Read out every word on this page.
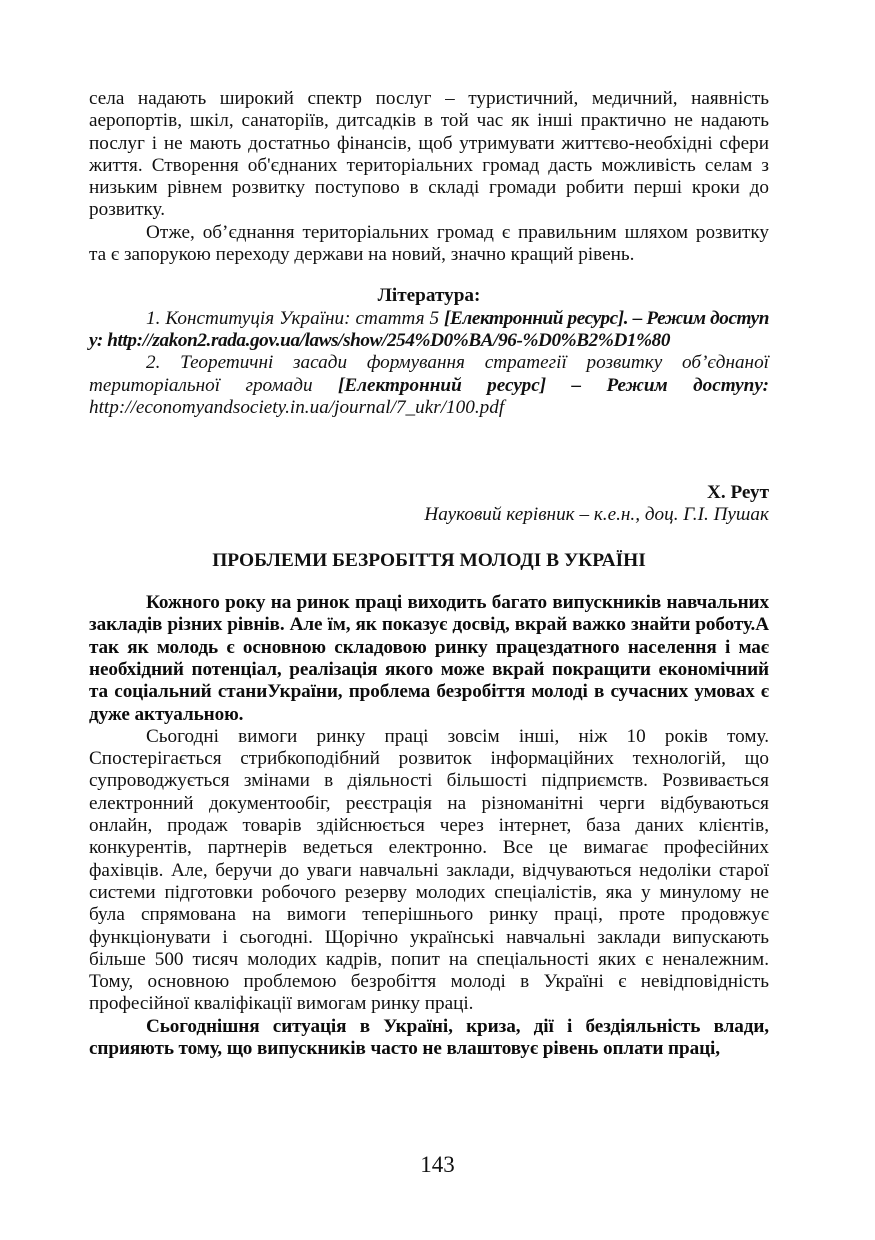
села надають широкий спектр послуг – туристичний, медичний, наявність аеропортів, шкіл, санаторіїв, дитсадків в той час як інші практично не надають послуг і не мають достатньо фінансів, щоб утримувати життєво-необхідні сфери життя. Створення об'єднаних територіальних громад дасть можливість селам з низьким рівнем розвитку поступово в складі громади робити перші кроки до розвитку.

Отже, об’єднання територіальних громад є правильним шляхом розвитку та є запорукою переходу держави на новий, значно кращий рівень.

Література:

1. Конституція України: стаття 5 [Електронний ресурс]. – Режим доступу: http://zakon2.rada.gov.ua/laws/show/254%D0%BA/96-%D0%B2%D1%80

2. Теоретичні засади формування стратегії розвитку об’єднаної територіальної громади [Електронний ресурс] – Режим доступу: http://economyandsociety.in.ua/journal/7_ukr/100.pdf

Х. Реут

Науковий керівник – к.е.н., доц. Г.І. Пушак

ПРОБЛЕМИ БЕЗРОБІТТЯ МОЛОДІ В УКРАЇНІ

Кожного року на ринок праці виходить багато випускників навчальних закладів різних рівнів. Але їм, як показує досвід, вкрай важко знайти роботу.А так як молодь є основною складовою ринку працездатного населення і має необхідний потенціал, реалізація якого може вкрай покращити економічний та соціальний станиУкраїни, проблема безробіття молоді в сучасних умовах є дуже актуальною.

Сьогодні вимоги ринку праці зовсім інші, ніж 10 років тому. Спостерігається стрибкоподібний розвиток інформаційних технологій, що супроводжується змінами в діяльності більшості підприємств. Розвивається електронний документообіг, реєстрація на різноманітні черги відбуваються онлайн, продаж товарів здійснюється через інтернет, база даних клієнтів, конкурентів, партнерів ведеться електронно. Все це вимагає професійних фахівців. Але, беручи до уваги навчальні заклади, відчуваються недоліки старої системи підготовки робочого резерву молодих спеціалістів, яка у минулому не була спрямована на вимоги теперішнього ринку праці, проте продовжує функціонувати і сьогодні. Щорічно українські навчальні заклади випускають більше 500 тисяч молодих кадрів, попит на спеціальності яких є неналежним. Тому, основною проблемою безробіття молоді в Україні є невідповідність професійної кваліфікації вимогам ринку праці.

Сьогоднішня ситуація в Україні, криза, дії і бездіяльність влади, сприяють тому, що випускників часто не влаштовує рівень оплати праці,

143
